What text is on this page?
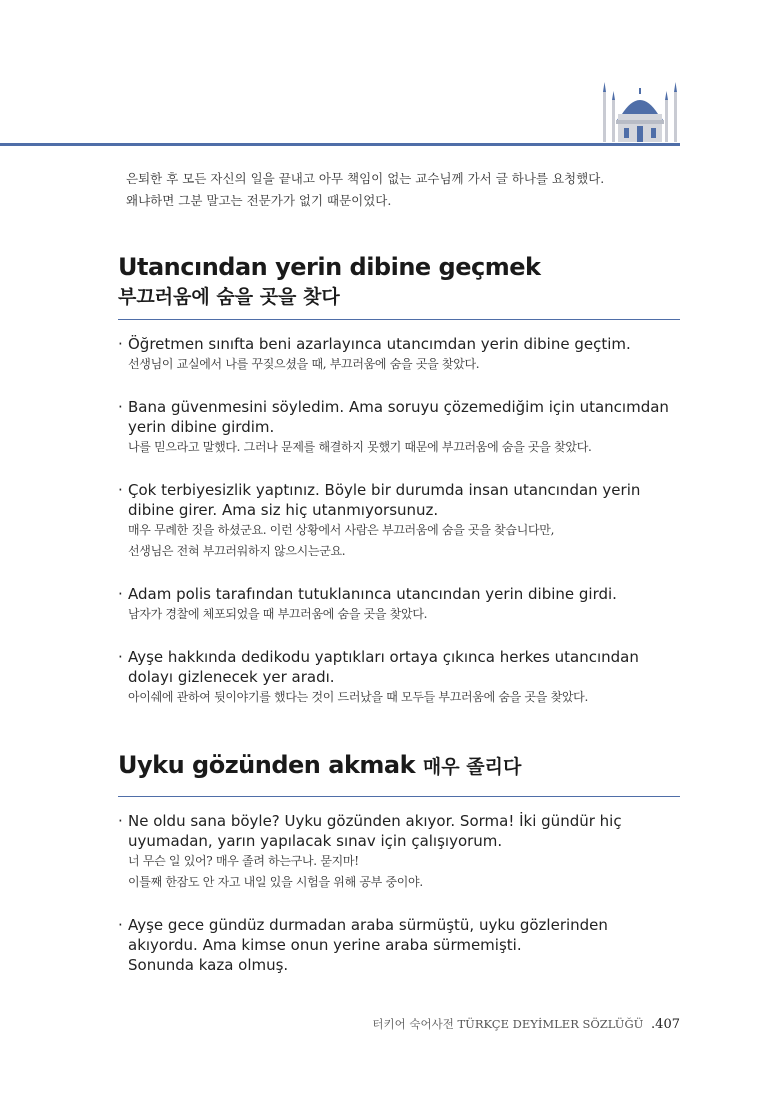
은퇴한 후 모든 자신의 일을 끝내고 아무 책임이 없는 교수님께 가서 글 하나를 요청했다.
왜냐하면 그분 말고는 전문가가 없기 때문이었다.
Utancından yerin dibine geçmek
부끄러움에 숨을 곳을 찾다
· Öğretmen sınıfta beni azarlayınca utancımdan yerin dibine geçtim.
선생님이 교실에서 나를 꾸짖으셨을 때, 부끄러움에 숨을 곳을 찾았다.
· Bana güvenmesini söyledim. Ama soruyu çözemediğim için utancımdan
yerin dibine girdim.
나를 믿으라고 말했다. 그러나 문제를 해결하지 못했기 때문에 부끄러움에 숨을 곳을 찾았다.
· Çok terbiyesizlik yaptınız. Böyle bir durumda insan utancından yerin
dibine girer. Ama siz hiç utanmıyorsunuz.
매우 무례한 짓을 하셨군요. 이런 상황에서 사람은 부끄러움에 숨을 곳을 찾습니다만,
선생님은 전혀 부끄러워하지 않으시는군요.
· Adam polis tarafından tutuklanınca utancından yerin dibine girdi.
남자가 경찰에 체포되었을 때 부끄러움에 숨을 곳을 찾았다.
· Ayşe hakkında dedikodu yaptıkları ortaya çıkınca herkes utancından
dolayı gizlenecek yer aradı.
아이쉐에 관하여 뒷이야기를 했다는 것이 드러났을 때 모두들 부끄러움에 숨을 곳을 찾았다.
Uyku gözünden akmak 매우 졸리다
· Ne oldu sana böyle? Uyku gözünden akıyor. Sorma! İki gündür hiç
uyumadan, yarın yapılacak sınav için çalışıyorum.
너 무슨 일 있어? 매우 졸려 하는구나. 묻지마!
이틀째 한잠도 안 자고 내일 있을 시험을 위해 공부 중이야.
· Ayşe gece gündüz durmadan araba sürmüştü, uyku gözlerinden
akıyordu. Ama kimse onun yerine araba sürmemişti.
Sonunda kaza olmuş.
터키어 숙어사전 TÜRKÇE DEYİMLER SÖZLÜĞÜ .407
